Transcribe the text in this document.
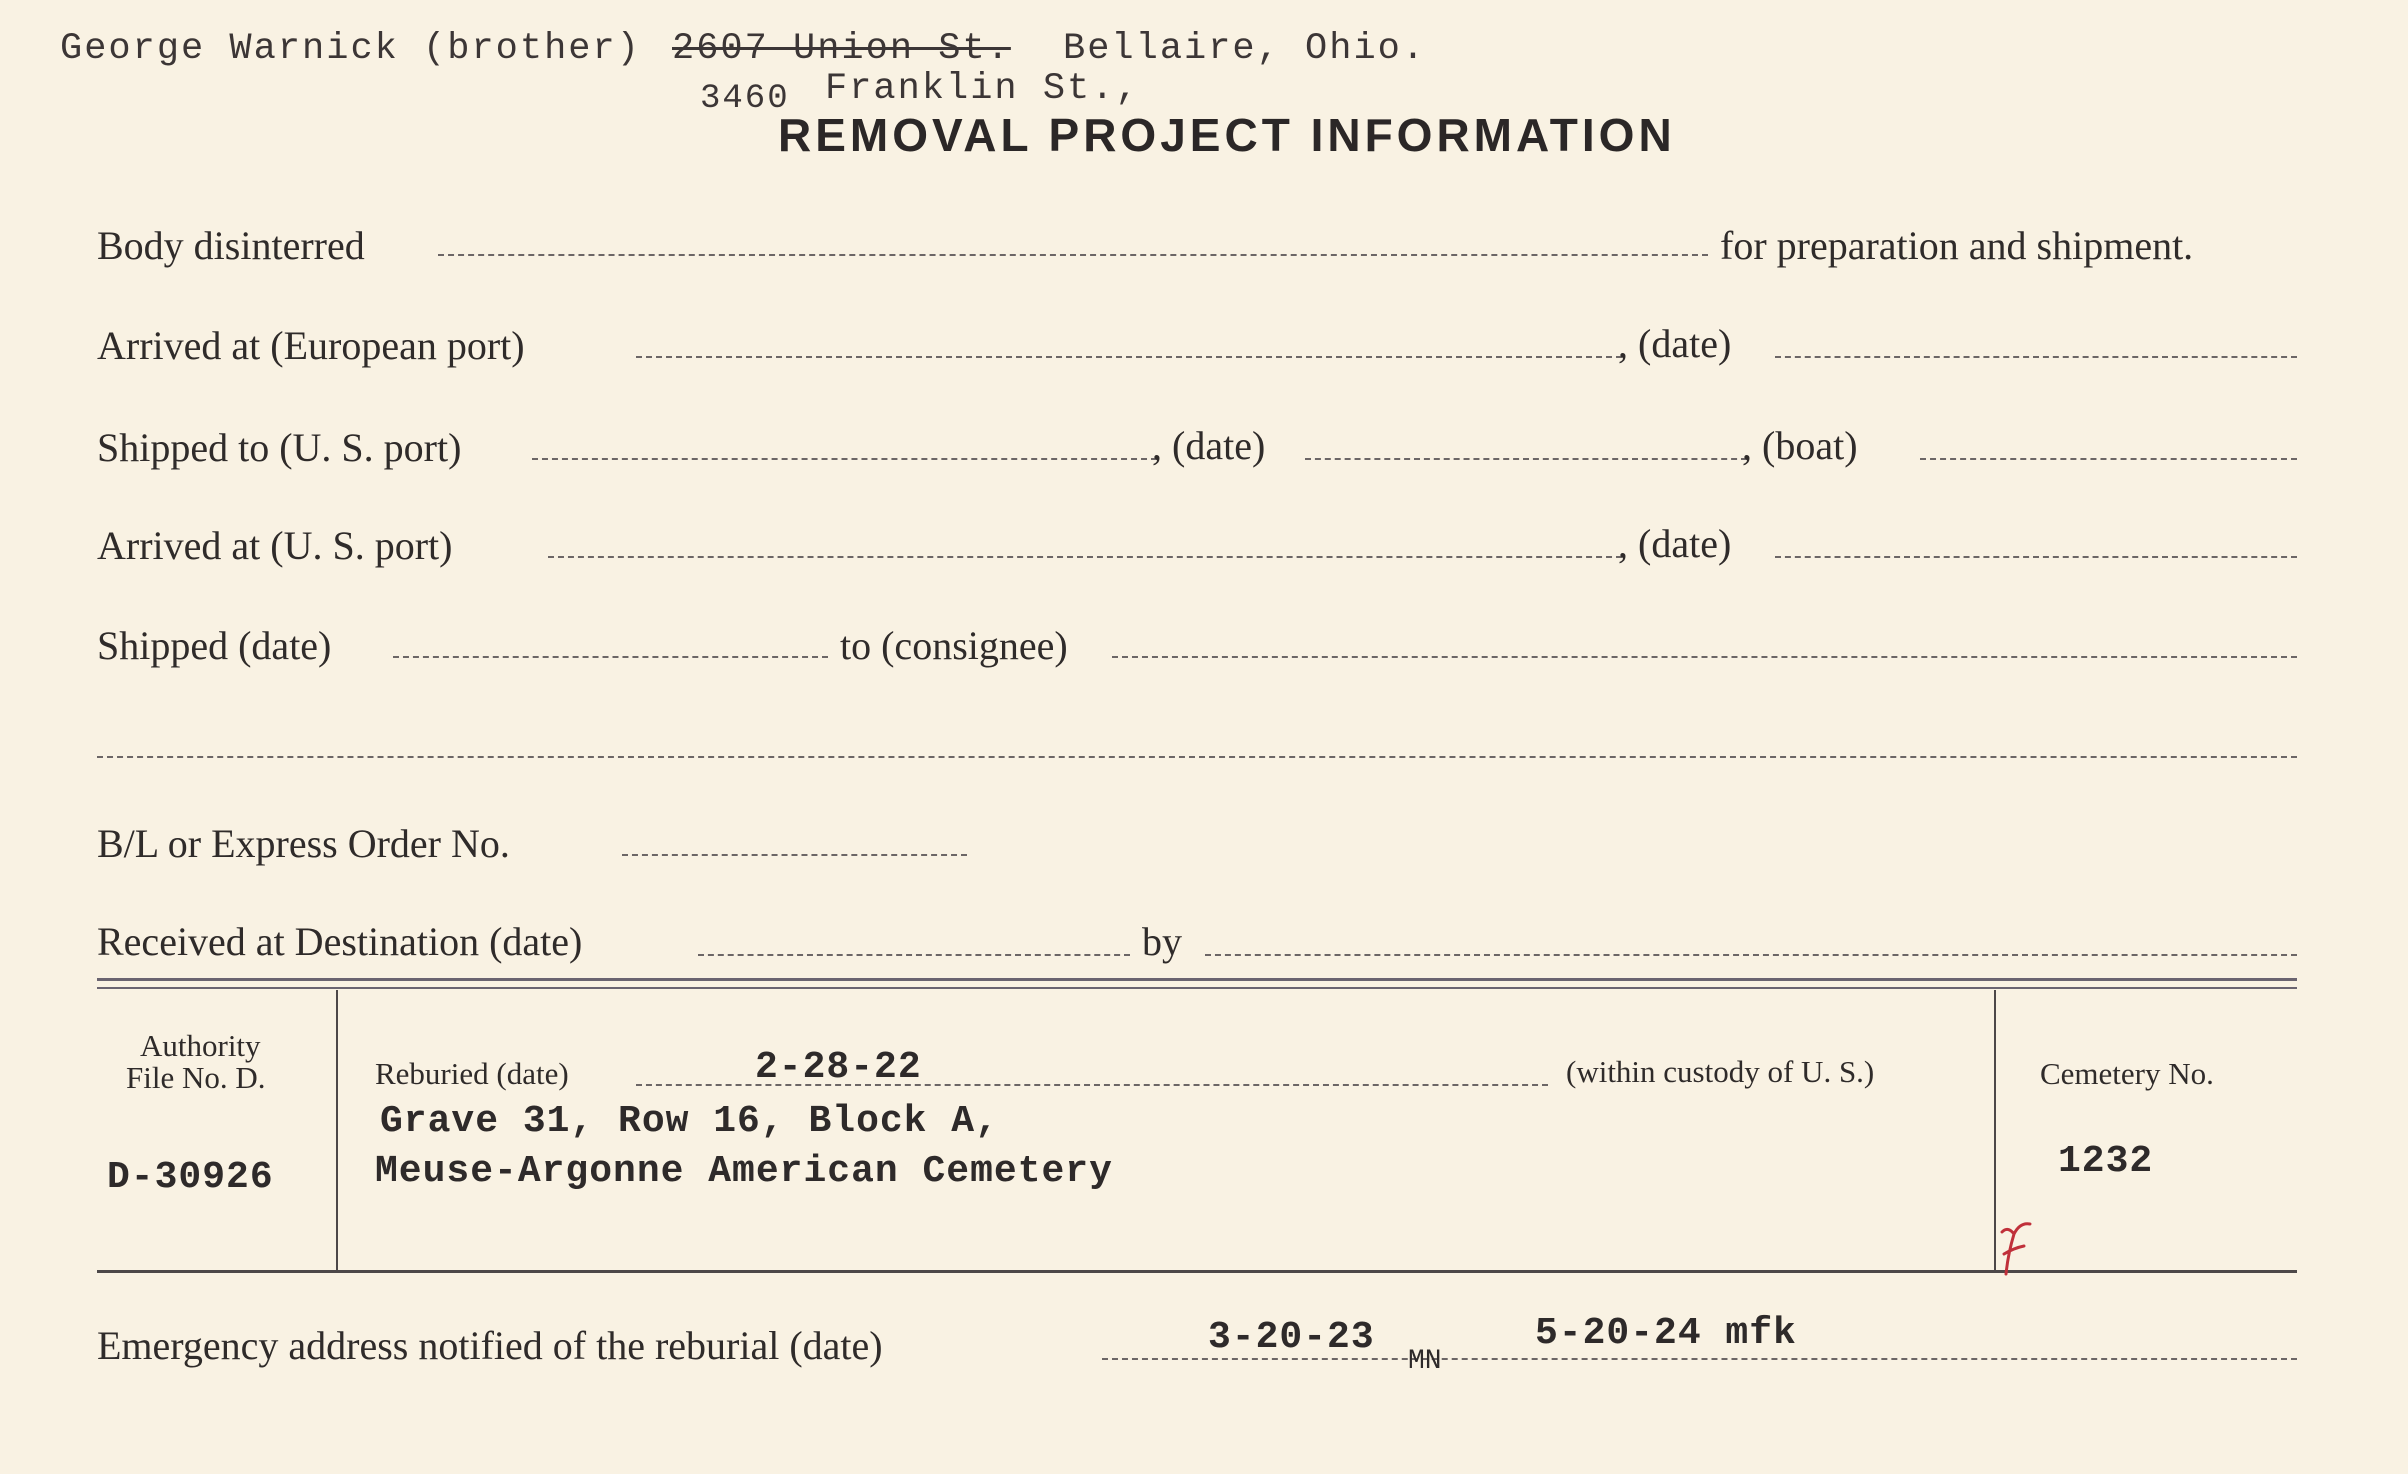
George Warnick (brother) 2607 Union St. Bellaire, Ohio.
3460 Franklin St.,
REMOVAL PROJECT INFORMATION
Body disinterred	for preparation and shipment.
Arrived at (European port)	, (date)
Shipped to (U. S. port)	, (date)	, (boat)
Arrived at (U. S. port)	, (date)
Shipped (date)	to (consignee)
B/L or Express Order No.
Received at Destination (date)	by
Authority
File No. D.
D-30926
Reburied (date)	2-28-22	(within custody of U. S.)
Grave 31, Row 16, Block A,
Meuse-Argonne American Cemetery
Cemetery No.
1232
Emergency address notified of the reburial (date)	3-20-23
MN
5-20-24 mfk
